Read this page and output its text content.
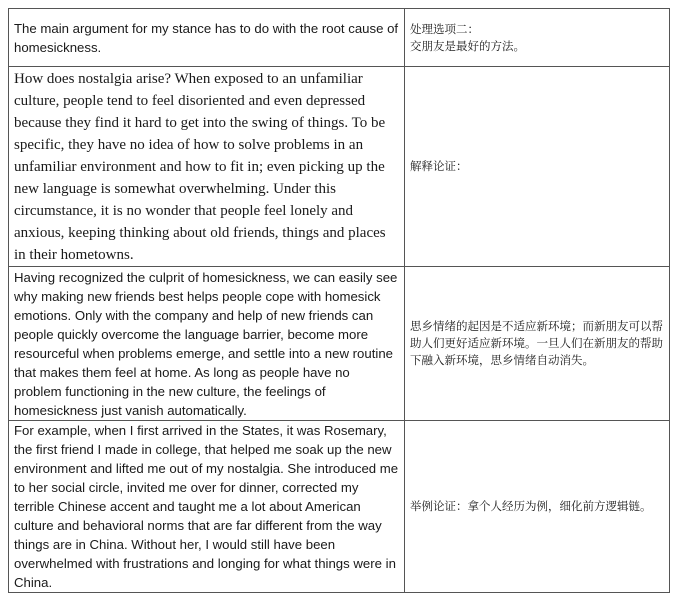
The main argument for my stance has to do with the root cause of homesickness.	处理选项二：
交朋友是最好的方法。

How does nostalgia arise? When exposed to an unfamiliar culture, people tend to feel disoriented and even depressed because they find it hard to get into the swing of things. To be specific, they have no idea of how to solve problems in an unfamiliar environment and how to fit in; even picking up the new language is somewhat overwhelming. Under this circumstance, it is no wonder that people feel lonely and anxious, keeping thinking about old friends, things and places in their hometowns.	解释论证：

Having recognized the culprit of homesickness, we can easily see why making new friends best helps people cope with homesick emotions. Only with the company and help of new friends can people quickly overcome the language barrier, become more resourceful when problems emerge, and settle into a new routine that makes them feel at home. As long as people have no problem functioning in the new culture, the feelings of homesickness just vanish automatically.	思乡情绪的起因是不适应新环境；而新朋友可以帮助人们更好适应新环境。一旦人们在新朋友的帮助下融入新环境，思乡情绪自动消失。

For example, when I first arrived in the States, it was Rosemary, the first friend I made in college, that helped me soak up the new environment and lifted me out of my nostalgia. She introduced me to her social circle, invited me over for dinner, corrected my terrible Chinese accent and taught me a lot about American culture and behavioral norms that are far different from the way things are in China. Without her, I would still have been overwhelmed with frustrations and longing for what things were in China.	举例论证：拿个人经历为例，细化前方逻辑链。
